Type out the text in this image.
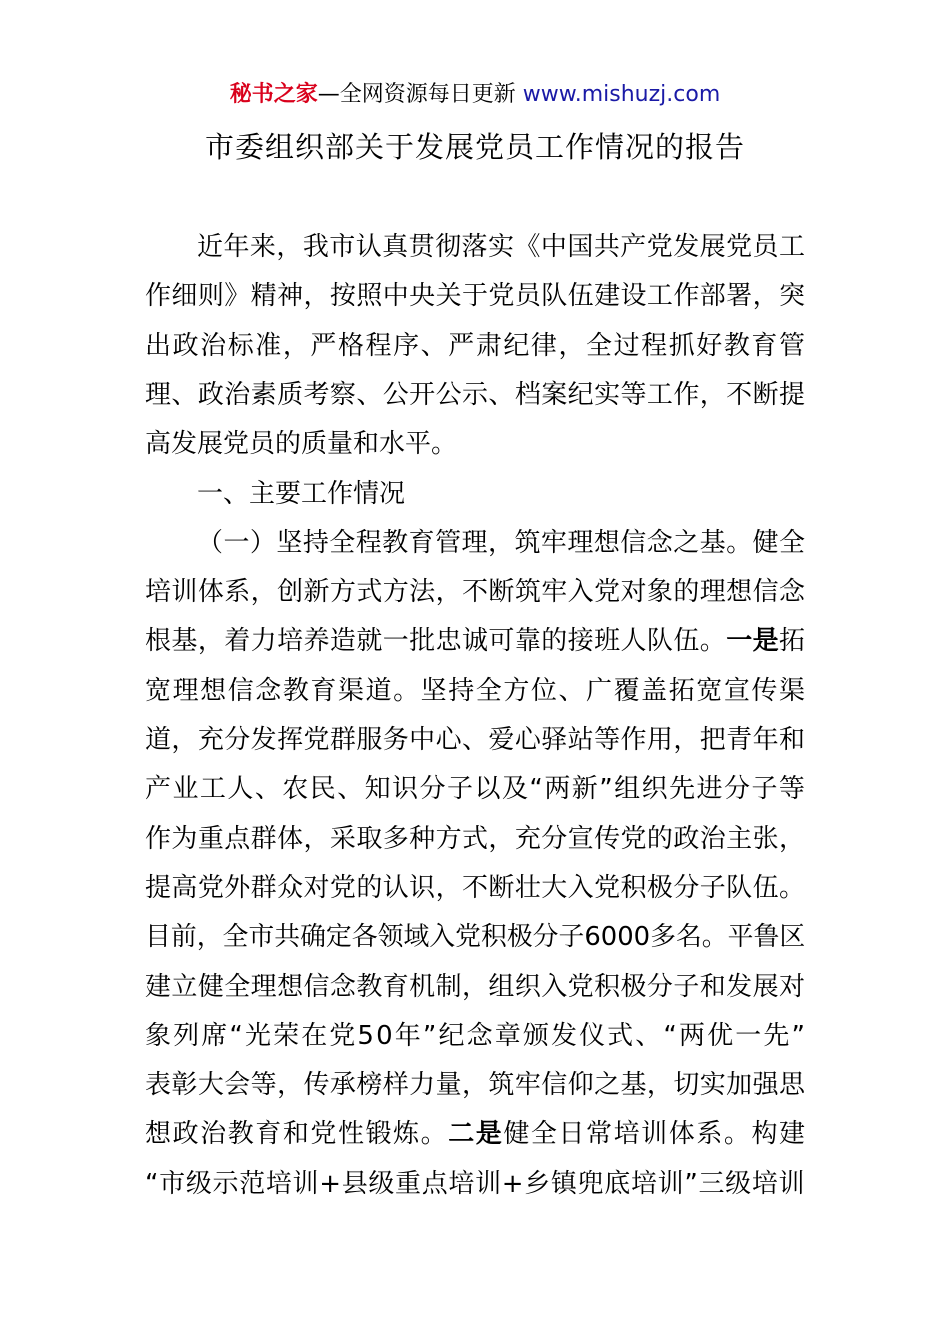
秘书之家—全网资源每日更新 www.mishuzj.com
市委组织部关于发展党员工作情况的报告
近年来，我市认真贯彻落实《中国共产党发展党员工
作细则》精神，按照中央关于党员队伍建设工作部署，突
出政治标准，严格程序、严肃纪律，全过程抓好教育管
理、政治素质考察、公开公示、档案纪实等工作，不断提
高发展党员的质量和水平。
一、主要工作情况
（一）坚持全程教育管理，筑牢理想信念之基。健全
培训体系，创新方式方法，不断筑牢入党对象的理想信念
根基，着力培养造就一批忠诚可靠的接班人队伍。一是拓
宽理想信念教育渠道。坚持全方位、广覆盖拓宽宣传渠
道，充分发挥党群服务中心、爱心驿站等作用，把青年和
产业工人、农民、知识分子以及“两新”组织先进分子等
作为重点群体，采取多种方式，充分宣传党的政治主张，
提高党外群众对党的认识，不断壮大入党积极分子队伍。
目前，全市共确定各领域入党积极分子6000多名。平鲁区
建立健全理想信念教育机制，组织入党积极分子和发展对
象列席“光荣在党50年”纪念章颁发仪式、“两优一先”
表彰大会等，传承榜样力量，筑牢信仰之基，切实加强思
想政治教育和党性锻炼。二是健全日常培训体系。构建
“市级示范培训+县级重点培训+乡镇兜底培训”三级培训
